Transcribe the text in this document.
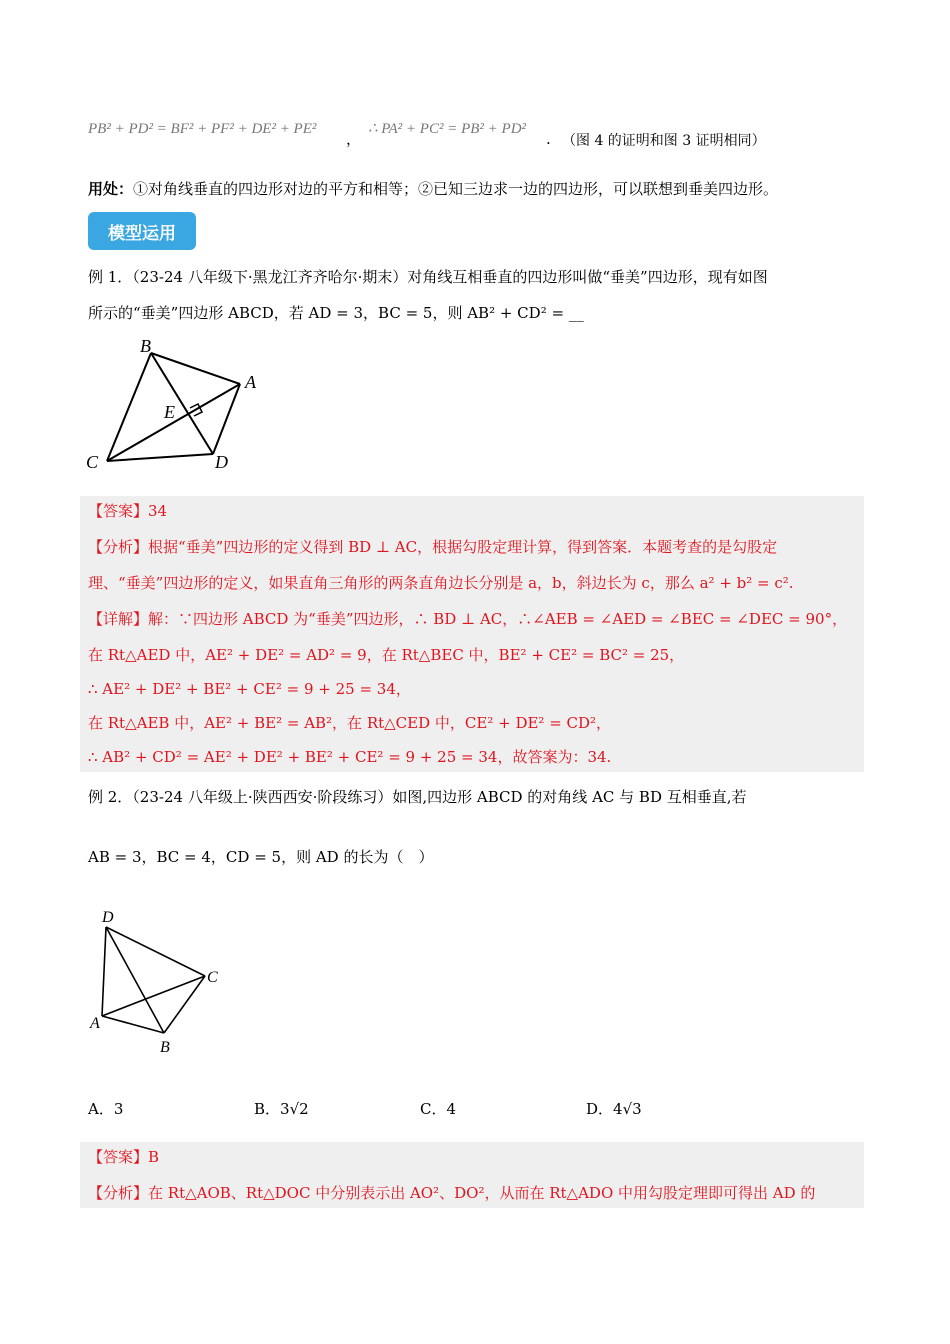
PB² + PD² = BF² + PF² + DE² + PE²
，
∴ PA² + PC² = PB² + PD²
. （图 4 的证明和图 3 证明相同）
用处：①对角线垂直的四边形对边的平方和相等；②已知三边求一边的四边形，可以联想到垂美四边形。
模型运用
例 1．（23-24 八年级下·黑龙江齐齐哈尔·期末）对角线互相垂直的四边形叫做“垂美”四边形，现有如图
所示的“垂美”四边形 ABCD，若 AD = 3，BC = 5，则 AB² + CD² = __
B
A
E
C	D
【答案】34
【分析】根据“垂美”四边形的定义得到 BD ⊥ AC，根据勾股定理计算，得到答案．本题考查的是勾股定
理、“垂美”四边形的定义，如果直角三角形的两条直角边长分别是 a，b，斜边长为 c，那么 a² + b² = c².
【详解】解：∵四边形 ABCD 为“垂美”四边形，∴ BD ⊥ AC，∴∠AEB = ∠AED = ∠BEC = ∠DEC = 90°，
在 Rt△AED 中，AE² + DE² = AD² = 9，在 Rt△BEC 中，BE² + CE² = BC² = 25，
∴ AE² + DE² + BE² + CE² = 9 + 25 = 34，
在 Rt△AEB 中，AE² + BE² = AB²，在 Rt△CED 中，CE² + DE² = CD²，
∴ AB² + CD² = AE² + DE² + BE² + CE² = 9 + 25 = 34，故答案为：34.
例 2．（23-24 八年级上·陕西西安·阶段练习）如图,四边形 ABCD 的对角线 AC 与 BD 互相垂直,若
AB = 3，BC = 4，CD = 5，则 AD 的长为（　）
D
C
A
B
A．3	B．3√2	C．4	D．4√3
【答案】B
【分析】在 Rt△AOB、Rt△DOC 中分别表示出 AO²、DO²，从而在 Rt△ADO 中用勾股定理即可得出 AD 的
